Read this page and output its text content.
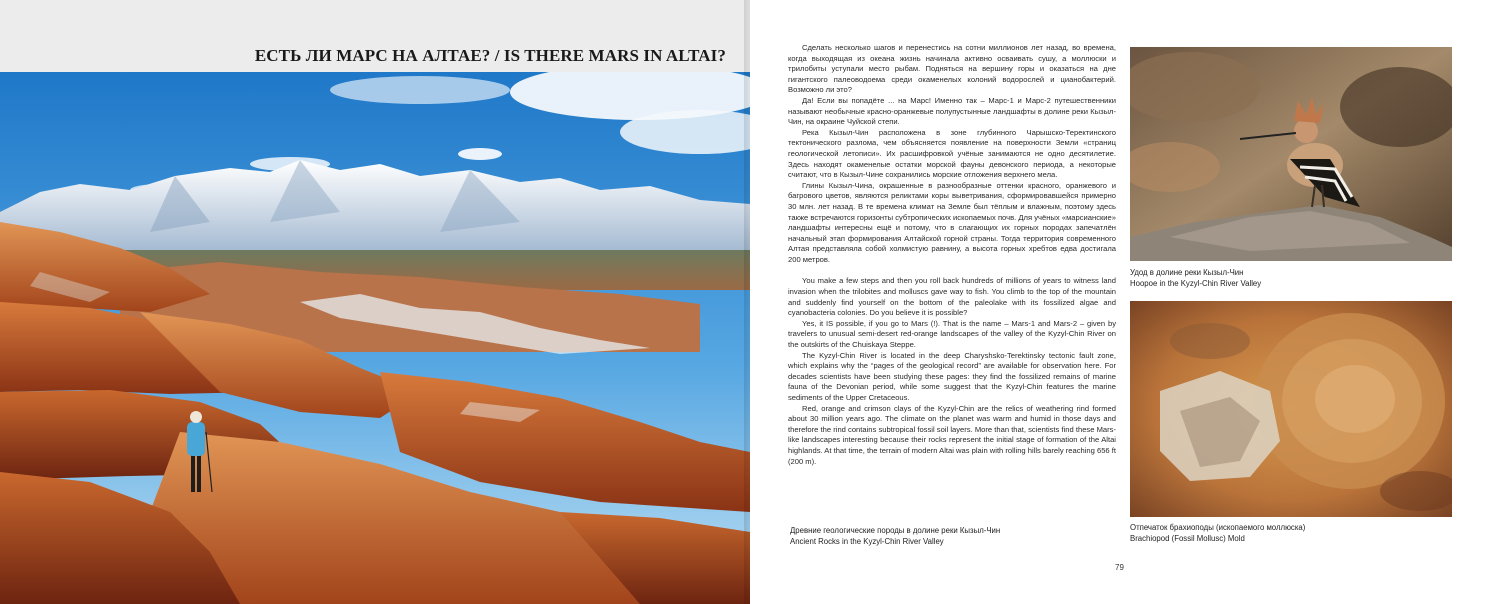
ЕСТЬ ЛИ МАРС НА АЛТАЕ? / IS THERE MARS IN ALTAI?	Сделать несколько шагов и перенестись на сотни миллионов лет назад, во времена, когда выходящая из океана жизнь начинала активно осваивать сушу, а моллюски и трилобиты уступали место рыбам. Подняться на вершину горы и оказаться на дне гигантского палеоводоема среди окаменелых колоний водорослей и цианобактерий. Возможно ли это?

Да! Если вы попадёте ... на Марс! Именно так – Марс-1 и Марс-2 путешественники называют необычные красно-оранжевые полупустынные ландшафты в долине реки Кызыл-Чин, на окраине Чуйской степи.

Река Кызыл-Чин расположена в зоне глубинного Чарышско-Теректинского тектонического разлома, чем объясняется появление на поверхности Земли «страниц геологической летописи». Их расшифровкой учёные занимаются не одно десятилетие. Здесь находят окаменелые остатки морской фауны девонского периода, а некоторые считают, что в Кызыл-Чине сохранились морские отложения верхнего мела.

Глины Кызыл-Чина, окрашенные в разнообразные оттенки красного, оранжевого и багрового цветов, являются реликтами коры выветривания, сформировавшейся примерно 30 млн. лет назад. В те времена климат на Земле был тёплым и влажным, поэтому здесь также встречаются горизонты субтропических ископаемых почв. Для учёных «марсианские» ландшафты интересны ещё и потому, что в слагающих их горных породах запечатлён начальный этап формирования Алтайской горной страны. Тогда территория современного Алтая представляла собой холмистую равнину, а высота горных хребтов едва достигала 200 метров.

You make a few steps and then you roll back hundreds of millions of years to witness land invasion when the trilobites and molluscs gave way to fish. You climb to the top of the mountain and suddenly find yourself on the bottom of the paleolake with its fossilized algae and cyanobacteria colonies. Do you believe it is possible?

Yes, it IS possible, if you go to Mars (!). That is the name – Mars-1 and Mars-2 – given by travelers to unusual semi-desert red-orange landscapes of the valley of the Kyzyl-Chin River on the outskirts of the Chuiskaya Steppe.

The Kyzyl-Chin River is located in the deep Charyshsko-Terektinsky tectonic fault zone, which explains why the “pages of the geological record” are available for observation here. For decades scientists have been studying these pages: they find the fossilized remains of marine fauna of the Devonian period, while some suggest that the Kyzyl-Chin features the marine sediments of the Upper Cretaceous.

Red, orange and crimson clays of the Kyzyl-Chin are the relics of weathering rind formed about 30 million years ago. The climate on the planet was warm and humid in those days and therefore the rind contains subtropical fossil soil layers. More than that, scientists find these Mars-like landscapes interesting because their rocks represent the initial stage of formation of the Altai highlands. At that time, the terrain of modern Altai was plain with rolling hills barely reaching 656 ft (200 m).

Удод в долине реки Кызыл-Чин
Hoopoe in the Kyzyl-Chin River Valley
Отпечаток брахиоподы (ископаемого моллюска)
Brachiopod (Fossil Mollusc) Mold
Древние геологические породы в долине реки Кызыл-Чин
Ancient Rocks in the Kyzyl-Chin River Valley
79
